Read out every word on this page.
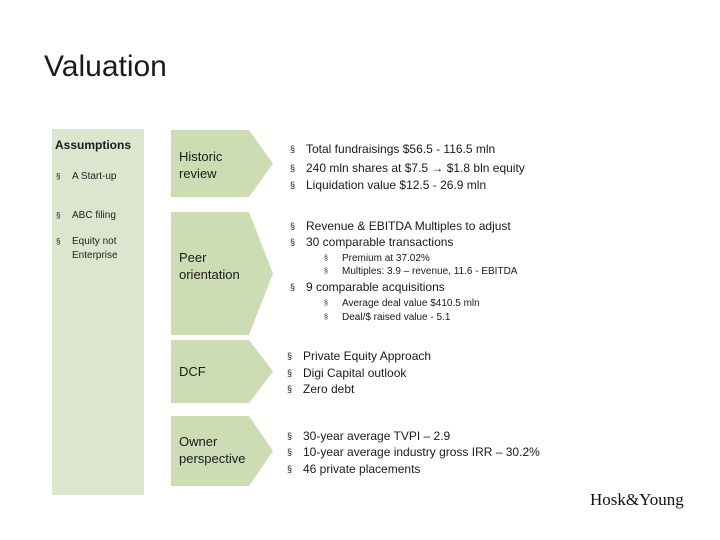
Valuation
Assumptions
§ A Start-up
§ ABC filing
§ Equity not Enterprise
Historic review
Peer orientation
DCF
Owner perspective
§ Total fundraisings $56.5 - 116.5 mln
§ 240 mln shares at $7.5 → $1.8 bln equity
§ Liquidation value $12.5 - 26.9 mln
§ Revenue & EBITDA Multiples to adjust
§ 30 comparable transactions
§ Premium at 37.02%
§ Multiples: 3.9 – revenue, 11.6 - EBITDA
§ 9 comparable acquisitions
§ Average deal value $410.5 mln
§ Deal/$ raised value - 5.1
§ Private Equity Approach
§ Digi Capital outlook
§ Zero debt
§ 30-year average TVPI – 2.9
§ 10-year average industry gross IRR – 30.2%
§ 46 private placements
Hosk&Young
